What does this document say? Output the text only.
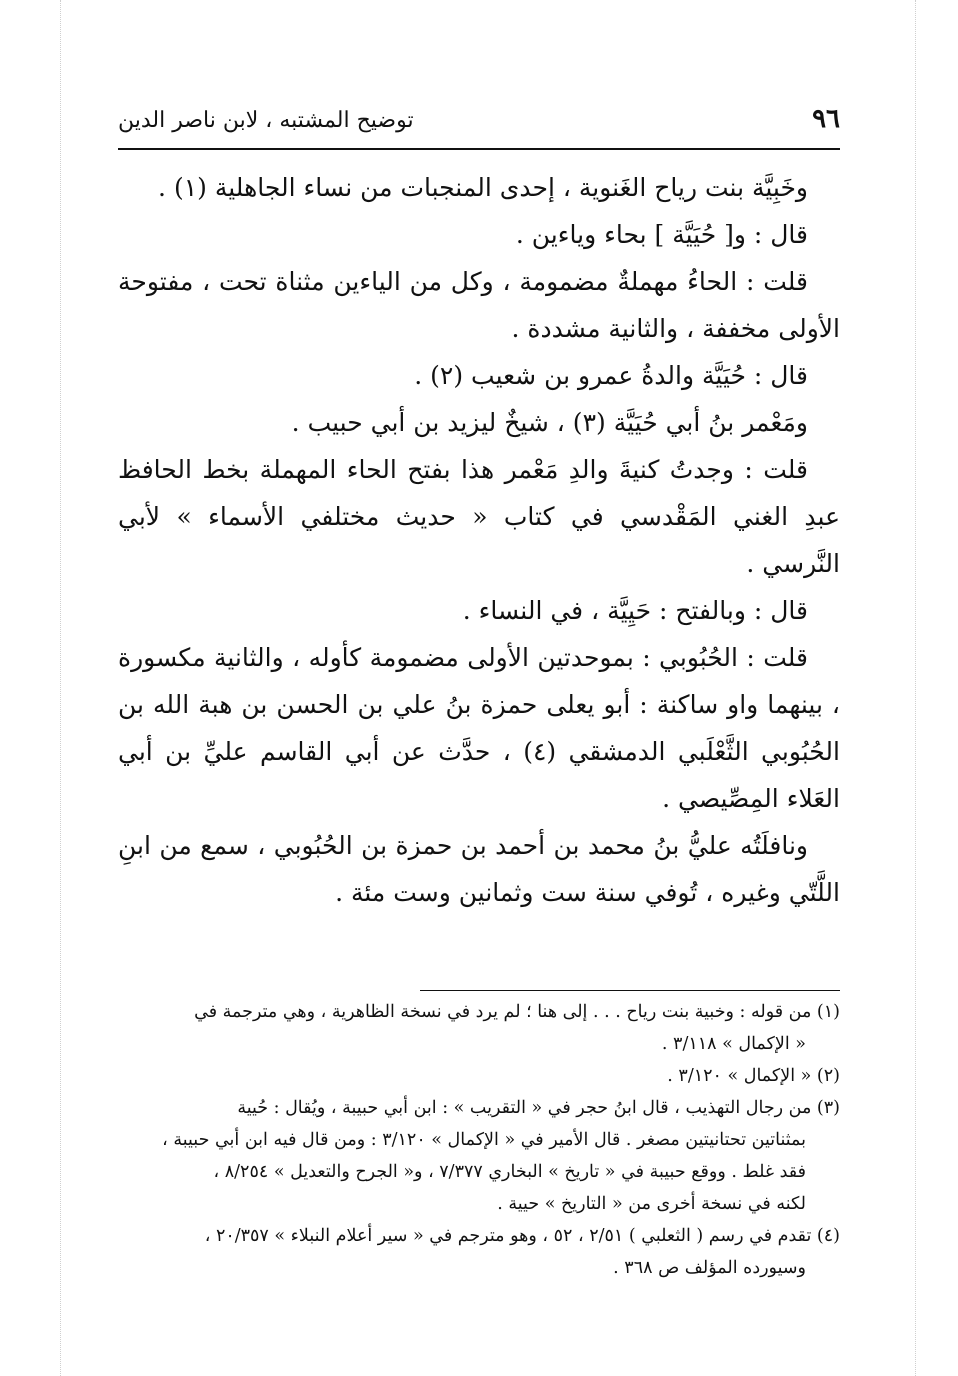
٩٦
توضيح المشتبه ، لابن ناصر الدين

وخَبِيَّة بنت رياح الغَنوية ، إحدى المنجبات من نساء الجاهلية (١) .

قال : و[ حُيَيَّة ] بحاء وياءين .

قلت : الحاءُ مهملةٌ مضمومة ، وكل من الياءين مثناة تحت ، مفتوحة الأولى مخففة ، والثانية مشددة .

قال : حُيَيَّة والدةُ عمرو بن شعيب (٢) .

ومَعْمر بنُ أبي حُيَيَّة (٣) ، شيخٌ ليزيد بن أبي حبيب .

قلت : وجدتُ كنيةَ والدِ مَعْمر هذا بفتح الحاء المهملة بخط الحافظ عبدِ الغني المَقْدسي في كتاب « حديث مختلفي الأسماء » لأبي النَّرسي .

قال : وبالفتح : حَيِيَّة ، في النساء .

قلت : الحُبُوبي : بموحدتين الأولى مضمومة كأوله ، والثانية مكسورة ، بينهما واو ساكنة : أبو يعلى حمزة بنُ علي بن الحسن بن هبة الله بن الحُبُوبي الثَّعْلَبي الدمشقي (٤) ، حدَّث عن أبي القاسم عليِّ بن أبي العَلاء المِصِّيصي .

ونافلَتُه عليُّ بنُ محمد بن أحمد بن حمزة بن الحُبُوبي ، سمع من ابنِ اللَّتّي وغيره ، تُوفي سنة ست وثمانين وست مئة .

(١) من قوله : وخبية بنت رياح . . . إلى هنا ؛ لم يرد في نسخة الظاهرية ، وهي مترجمة في

« الإكمال » ٣/١١٨ .

(٢) « الإكمال » ٣/١٢٠ .

(٣) من رجال التهذيب ، قال ابنُ حجر في « التقريب » : ابن أبي حبيبة ، ويُقال : حُيية

بمثناتين تحتانيتين مصغر . قال الأمير في « الإكمال » ٣/١٢٠ : ومن قال فيه ابن أبي حبيبة ،

فقد غلط . ووقع حبيبة في « تاريخ » البخاري ٧/٣٧٧ ، و« الجرح والتعديل » ٨/٢٥٤ ،

لكنه في نسخة أخرى من « التاريخ » حيية .

(٤) تقدم في رسم ( الثعلبي ) ٢/٥١ ، ٥٢ ، وهو مترجم في « سير أعلام النبلاء » ٢٠/٣٥٧ ،

وسيورده المؤلف ص ٣٦٨ .
